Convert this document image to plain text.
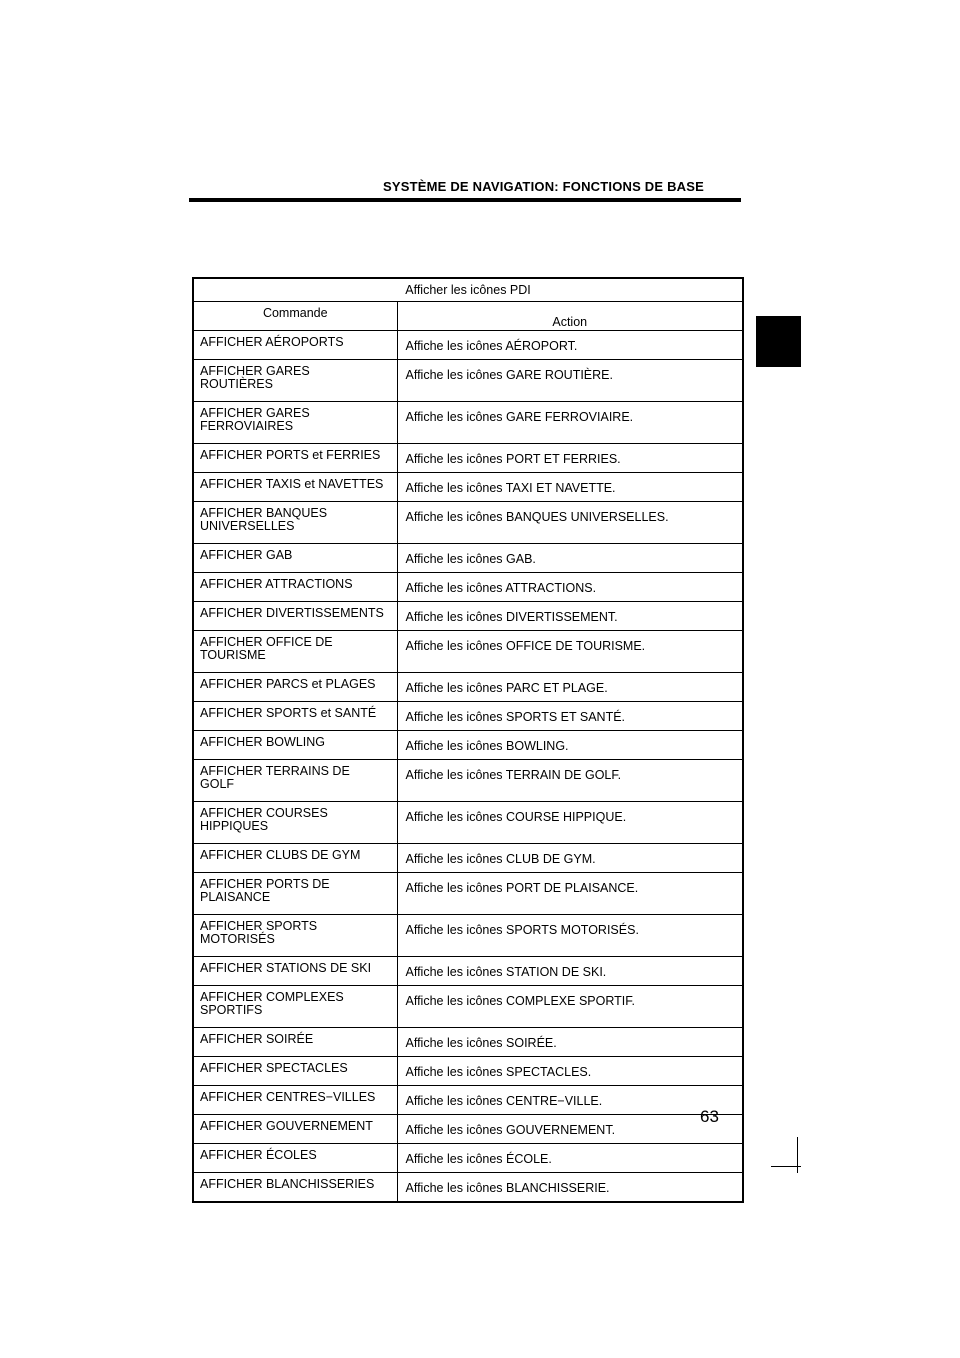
SYSTÈME DE NAVIGATION: FONCTIONS DE BASE
Afficher les icônes PDI	
Commande	Action
AFFICHER AÉROPORTS	Affiche les icônes AÉROPORT.
AFFICHER GARES
ROUTIÈRES	Affiche les icônes GARE ROUTIÈRE.
AFFICHER GARES
FERROVIAIRES	Affiche les icônes GARE FERROVIAIRE.
AFFICHER PORTS et FERRIES	Affiche les icônes PORT ET FERRIES.
AFFICHER TAXIS et NAVETTES	Affiche les icônes TAXI ET NAVETTE.
AFFICHER BANQUES
UNIVERSELLES	Affiche les icônes BANQUES UNIVERSELLES.
AFFICHER GAB	Affiche les icônes GAB.
AFFICHER ATTRACTIONS	Affiche les icônes ATTRACTIONS.
AFFICHER DIVERTISSEMENTS	Affiche les icônes DIVERTISSEMENT.
AFFICHER OFFICE DE
TOURISME	Affiche les icônes OFFICE DE TOURISME.
AFFICHER PARCS et PLAGES	Affiche les icônes PARC ET PLAGE.
AFFICHER SPORTS et SANTÉ	Affiche les icônes SPORTS ET SANTÉ.
AFFICHER BOWLING	Affiche les icônes BOWLING.
AFFICHER TERRAINS DE
GOLF	Affiche les icônes TERRAIN DE GOLF.
AFFICHER COURSES
HIPPIQUES	Affiche les icônes COURSE HIPPIQUE.
AFFICHER CLUBS DE GYM	Affiche les icônes CLUB DE GYM.
AFFICHER PORTS DE
PLAISANCE	Affiche les icônes PORT DE PLAISANCE.
AFFICHER SPORTS
MOTORISÉS	Affiche les icônes SPORTS MOTORISÉS.
AFFICHER STATIONS DE SKI	Affiche les icônes STATION DE SKI.
AFFICHER COMPLEXES
SPORTIFS	Affiche les icônes COMPLEXE SPORTIF.
AFFICHER SOIRÉE	Affiche les icônes SOIRÉE.
AFFICHER SPECTACLES	Affiche les icônes SPECTACLES.
AFFICHER CENTRES−VILLES	Affiche les icônes CENTRE−VILLE.
AFFICHER GOUVERNEMENT	Affiche les icônes GOUVERNEMENT.
AFFICHER ÉCOLES	Affiche les icônes ÉCOLE.
AFFICHER BLANCHISSERIES	Affiche les icônes BLANCHISSERIE.
63
